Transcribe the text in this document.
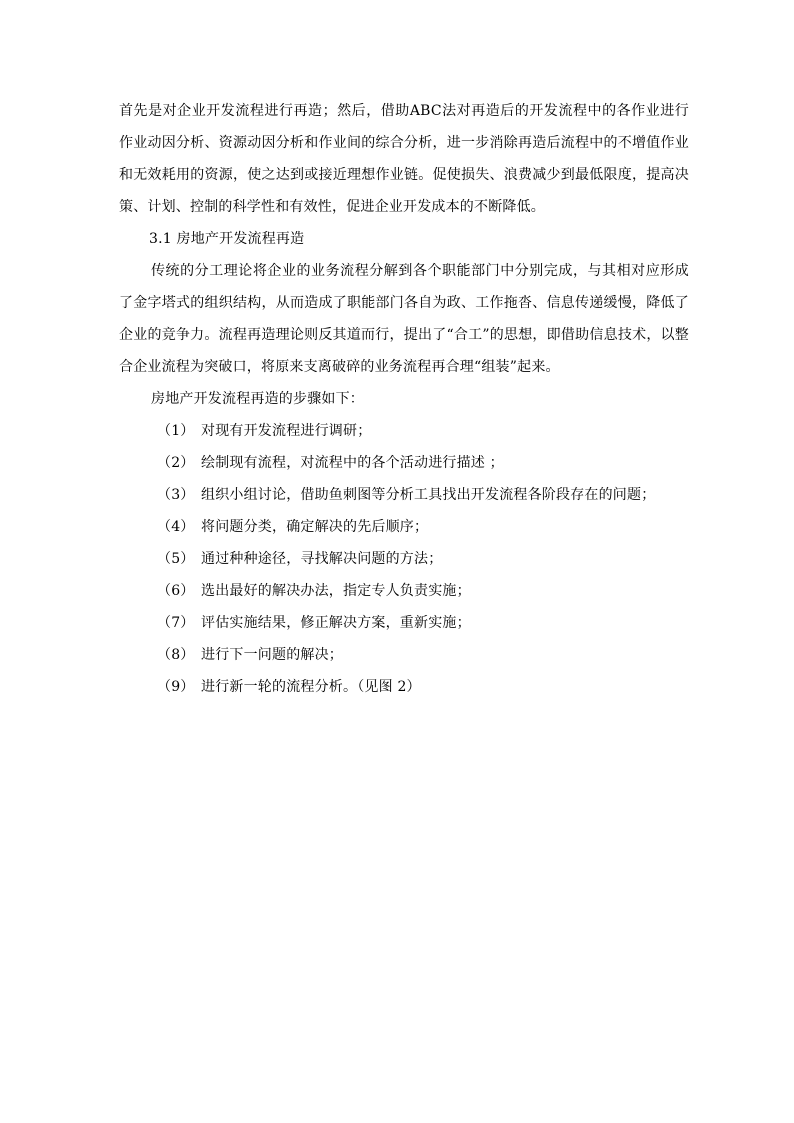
首先是对企业开发流程进行再造；然后，借助ABC法对再造后的开发流程中的各作业进行作业动因分析、资源动因分析和作业间的综合分析，进一步消除再造后流程中的不增值作业和无效耗用的资源，使之达到或接近理想作业链。促使损失、浪费减少到最低限度，提高决策、计划、控制的科学性和有效性，促进企业开发成本的不断降低。

3.1 房地产开发流程再造

传统的分工理论将企业的业务流程分解到各个职能部门中分别完成，与其相对应形成了金字塔式的组织结构，从而造成了职能部门各自为政、工作拖沓、信息传递缓慢，降低了企业的竞争力。流程再造理论则反其道而行，提出了“合工”的思想，即借助信息技术，以整合企业流程为突破口，将原来支离破碎的业务流程再合理“组装”起来。

房地产开发流程再造的步骤如下：

（1） 对现有开发流程进行调研；

（2） 绘制现有流程，对流程中的各个活动进行描述 ；

（3） 组织小组讨论，借助鱼刺图等分析工具找出开发流程各阶段存在的问题；

（4） 将问题分类，确定解决的先后顺序；

（5） 通过种种途径，寻找解决问题的方法；

（6） 选出最好的解决办法，指定专人负责实施；

（7） 评估实施结果，修正解决方案，重新实施；

（8） 进行下一问题的解决；

（9） 进行新一轮的流程分析。（见图 2）
